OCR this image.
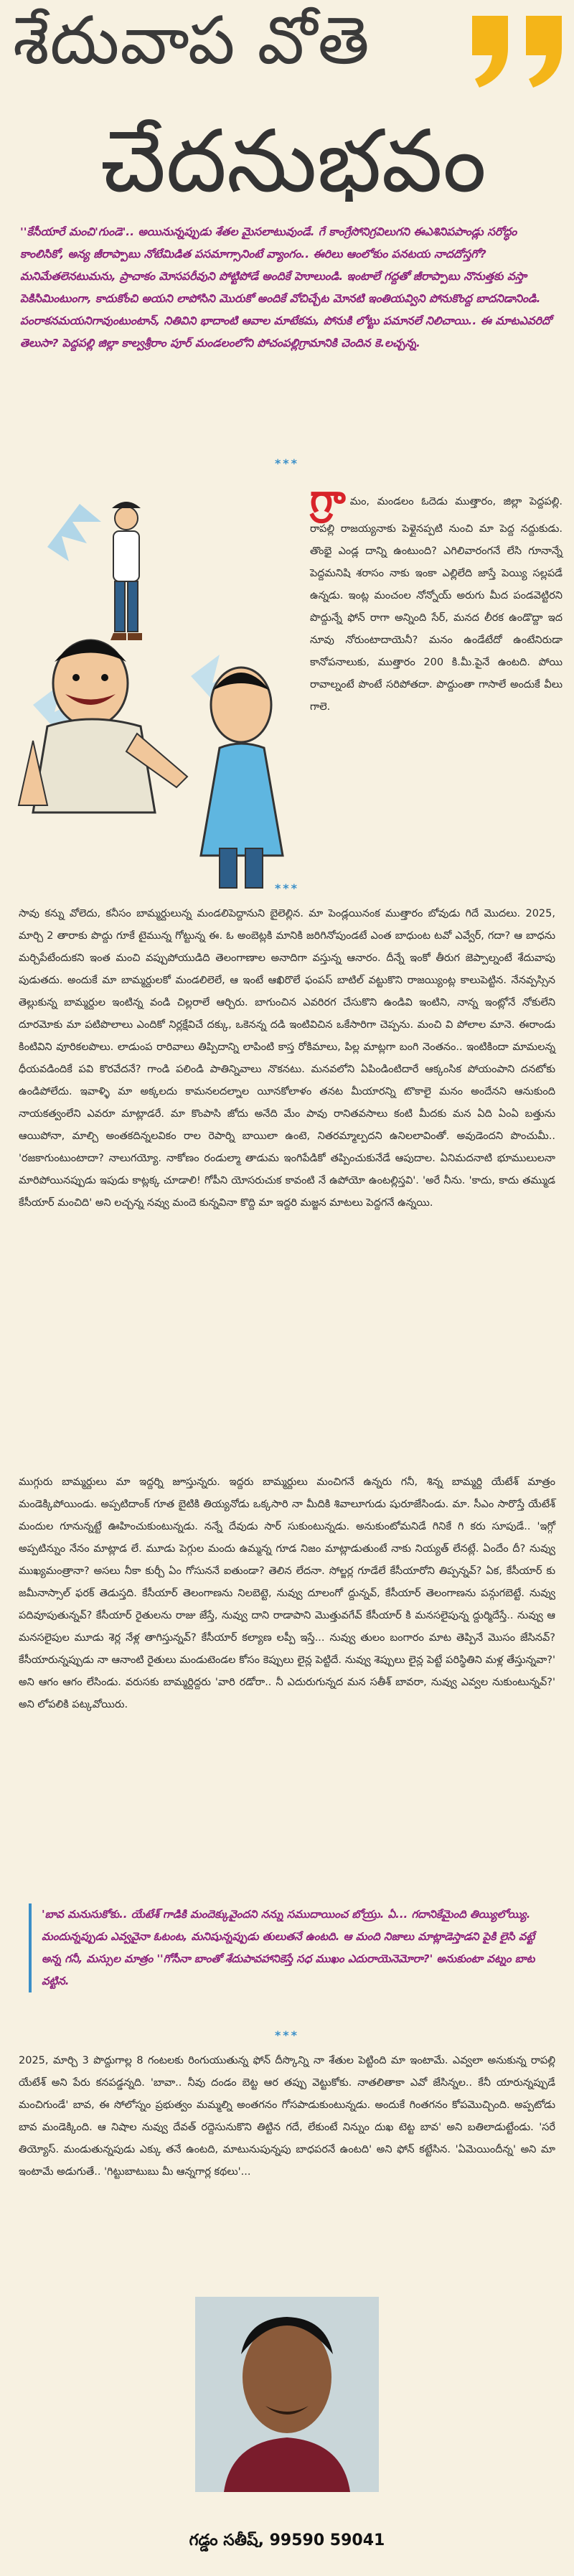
శేదువాప వోతె
చేదనుభవం
''కేసీయారే మంచి'గుండె'.. అయినున్నప్పుడు శేతల మైసలాటువుండే. గే కాంగ్రేసోనిగ్రవిలుగని ఈఎశినిపపాండ్లు సరోద్ధం కాంలిసికో, అన్య జీరాప్పాబు నోటేమిడిత పసమాగ్సానింటే వ్యాంగం.. ఈరిలు ఆంలోకుం పనటయ నాదదోస్తగో? మనిమేతలెనటుమను, ప్రాచాకం మోసపరీవుని పోట్టిపోడే అందికే హెూలుండి. ఇంటాలే గద్దతో జీరాప్పాబు నొనుత్తకు వస్తా పెకిసిమింటుంగా, కాదుకోంచి అయని లాపోసిని మొరుకో అందికే వోచిచ్చేట మోనటి ఇంతియవ్విని పోనుకొంద్ద బాదనిడానిండి. పంరాకనమయనిగావుంటుంటాన్, నితివిని భాదాంటి ఆవాల మాటేకమ, పోనుకి లోట్టు పమానలే నిలిచాయి.. ఈ మాటఎవరిదో తెలుసా? పెద్దపల్లి జిల్లా కాల్వశ్రీరాం పూర్ మండలంలోని పోచంపల్లిగ్రామానికి చెందిన కె.లచ్చన్న.
***
గ్రా మం, మండలం ఓదెడు ముత్తారం, జిల్లా పెద్దపల్లి. రాపల్లి రాజయ్యనాకు పెళ్లైనప్పటి నుంచి మా పెద్ద నద్దుకుడు. తొంభై ఎండ్ల దాన్ని ఉంటుంది? ఎగిలివారంగనే లేసి గూనాన్నే పెద్దమనిషి శరాసం నాకు ఇంకా ఎల్లిలేది జాస్తే పెయ్యి సల్లపడే ఉన్నడు. ఇంట్ల మంచంల నోన్నోయ్ అరుగు మీద పండవెట్టిరని పొద్దున్నే ఫోన్ రాగా అన్నింది సేర్, మనద లీరక ఉండొద్దా ఇద నూవు నోరుంటాదాయెనీ? మనం ఉండేటేదో ఉంటేనిరుడా కానోపనాలుకు, ముత్తారం 200 కి.మీ.పైనే ఉంటది. పోయి రావాల్నంటే పొంటే సరిపోతదా. పొద్దుంతా గాసాలే అందుకే వీలు గాలె.
***
సావు కన్ను వోలెదు, కనీసం బామ్మర్దులున్న మండలిపెద్దానుని బైలెల్లిన. మా పెండ్లయినంక ముత్తారం బోవుడు గిదే మొదలు. 2025, మార్చి 2 తారాకు పొద్దు గూకే టైమున్న గోట్టున్న ఈ. ఓ అంబెట్లకి మానికి జరిగినోపుండటే ఎంత బాధుంట టవో ఎవ్వేర్, గదా? ఆ బాధను మర్చిపేటేందుకని ఇంత మంచి వప్పుపోయుడిది తెలంగాణాల అనాదిగా వస్తున్న ఆనారం. దీన్నే ఇంకో తీరుగ జెప్పాల్నంటే శేదువాపు పుడుతదు. అందుకే మా బామ్మర్దులకో మండలిలెలే, ఆ ఇంటే ఆఖిరొలే ఫంపస్ బాటిల్ వట్టుకొని రాజయ్యింట్ల కాలుపెట్టిన. నేనవ్పస్సిన తెల్లుకున్న బామ్మర్దుల ఇంటిన్న వండి చిల్లరాలే ఆర్చిరు. బాగుంచిన ఎవరిరగ చేసుకొని ఉండివి ఇంటిని, నాన్న ఇంట్లోనే నోకులేని దూరమోకు మా పటిపొలాలు ఎందికో నిర్లక్షేవిచే దక్కు, ఒకెనన్న దడి ఇంటివిచిన ఒకేసారిగా చెప్పను. మంచి వి పోలాల మానె. ఈరాండు కింటివిని వూరికలపొలు. లాడుంప రారివాలు తిప్పిదాన్ని లాపింటి కాస్త రోకిమాలు, పిల్ల మాట్లగా బంగి నెంతనం.. ఇంటికిందా మామలన్న ధీయవడిందికే పవి కొరవేదనే? గాండి పలిండి పాతిన్నివాలు నొకనటు. మనవలోని ఏపిండింటిదారే ఆక్కంసిక పోయంపాని దనటోకు ఉండిపోలేదు. ఇవాళ్ళి మా అక్కలదు కామనలదల్నాల యీనకోలాళం తనట మీయారన్ని టొకాలై మనం అందేనని ఆనుకుంది నాయకత్వంలేని ఎవరూ మాట్లాడరే. మా కొంపాసి జోదు అనేది మేం పావు రానితవసాలు కంటి మీదకు మన ఏది ఏంఏ బత్తును ఆయిపోనా, మాల్చి అంతకదిన్నలవికం రాల రెపార్ని బాయిలా ఉంటె, నితరమ్మాల్పదని ఉనిలలావింతో. అవుడెందని పొంచుమీ.. 'రజకాగుంటుంటాదా? నాలుగయ్యో. నాకోణం రండుల్మా తాడుమ ఇంగిపేడికో తప్పించుకునేడే ఆపుదాల. ఏనిమదనాటి భూములులనా మారిపోయినప్పుడు ఇపుడు కాట్లక్క చూడాలి! గోపీని యోసరుచుక కావంటి నే ఉపోయో ఉంటల్లిస్తవి'. 'అరే నీను. 'కాదు, కాదు తమ్ముడ కేసీయార్ మంచిది' అని లచ్చన్న నవ్వు మందె కున్నవినా కొద్ది మా ఇద్దరి మజ్జన మాటలు పెద్దగనే ఉన్నయి.
ముగ్గురు బామ్మర్దులు మా ఇద్దర్ని జూస్తున్నరు. ఇద్దరు బామ్మర్దులు మంచిగనే ఉన్నరు గనీ, శిన్న బామ్మర్ది యేటేశ్ మాత్రం మండెక్కిపోయిండు. అప్పటిదాంక్ గూత బైటికి తియ్యనోడు ఒక్కసారి నా మీదికి శివాలూగుడు షురూజేసిండు. మా. సీఎం సారొస్తే యేటేశ్ మందుల గూనున్నట్టే ఊహించుకుంటున్నడు. నన్నే దేవుడు సార్ సుకుంటున్నడు. అనుకుంటోమనిడే గినికే గి కరు సూపుడే.. 'ఇగ్గో అప్పటిన్నుం నేనం మాట్లాడ లే. మూడు పెగ్గుల మందు ఉమ్మన్న గూడ నిజం మాట్లాడుతుంటే నాకు నియ్యత్ లేనట్లే. ఏందేం దీ? నువ్వు ముఖ్యమంత్రానా? అసలు నీకా కుర్చీ ఏం గోసుననే ఐతుండా? తెలిన లేదనా. సోల్జర్ల గూడేలే కేసీయారోని తిప్పన్నవ్? ఏక, కేసీయార్ కు జమీనాస్సాల్ ఫరక్ తెడుస్తది. కేసీయార్ తెలంగాణను నిలబెట్టె, నువ్వు దూలంగో ద్దున్నవ్, కేసీయార్ తెలంగాణను పన్గుగబెట్టే. నువ్వు పదివూపుతున్నవ్? కేసీయార్ రైతులను రాజు జేస్తే, నువ్వు దాని రాడాపాని మొత్తువగేవ్ కేసీయార్ కి మనసలైపున్న ద్దుర్మిదేస్తే.. నువ్వు ఆ మనసలైపుల మూడు శెర్ల నేళ్ల తాగిస్తున్నవ్? కేసీయార్ కల్యాణ లప్పీ ఇస్తే... నువ్వు తులం బంగారం మాట తెప్పినే మొసం జేసినవ్? కేసీయారున్నప్పుడు నా ఆనాంటి రైతులు మండుటెండల కోసం కెప్పులు లైన్ల పెట్టిదే. నువ్వు శెప్పులు లైన్ల పెట్టే పరిస్థితిని మళ్ల తేస్తున్నవా?' అని ఆగం ఆగం లేసిండు. వరుసకు బామ్మర్దిద్దరు 'వారి రడోరా.. నీ ఎదురుగున్నద మన సతీశ్ బావరా, నువ్వు ఎవ్వల నుకుంటున్నవ్?' అని లోపలికి పట్కవోయిరు.
'బావ మనుసుకోకు.. యేటేశ్ గాడికి మందెక్కువైందని నన్ను సముదాయించ బోయ్రు. ఏ... గదానికేమైంది తియ్యిలోయ్యి. మందున్నప్పుడు ఎవ్వవైనా ఓటంట, మనిషున్నప్పుడు తులుతనే ఉంటది. ఆ మంది నిజాలు మాట్లాడెస్తాడని పైకి లైసి వట్టే అన్న గనీ, మస్సుల మాత్రం ''గోసీనా బాంతో శేదుపావహానికెస్తే సధ ముఖం ఎదురాయెనెమోరా?' అనుకుంటా వట్నం బాట వట్టిన.
***
2025, మార్చి 3 పొద్దుగాల్ల 8 గంటలకు రింగుయుతున్న ఫోన్ దీస్కొన్ని నా శేతుల పెట్టింది మా ఇంటామే. ఎవ్వలా అనుకున్న రాపల్లి యేటేశ్ అని పేరు కనపడ్డన్నది. 'బావా.. నీవు దండం బెట్ట ఆర తప్పు వెట్టుకోకు. నాతలితాకా ఎవో జేసిన్నల.. కేనీ యారున్నప్పుడే మంచిగుండే' బావ, ఈ సోలోస్నం ప్రభుత్వం మమ్మల్ని అంతగనం గోసపాడుకుంటున్నడు. అందుకే గింతగనం కోపమొచ్చింది. అప్పటోడు బావ మండెక్కింది. ఆ నిషాల నువ్వు దేవత్ రద్దెసునుకొని తిట్టిన గదే, లేకుంటే నిన్నుం దుఖ టెట్ట బావ' అని బతిలాడుట్టేండు. 'సరే తియ్యోస్. మండుతున్నపుడు ఎక్కు తనే ఉంటది, మాటునుపున్నపు బాధపరనే ఉంటది' అని ఫోన్ కట్టేసిన. 'ఏమెయిందీన్న' అని మా ఇంటామే అడుగుతే.. 'గిట్టుబాటుబు మీ ఆన్నగార్ల కథలు'...
గడ్డం సతీష్, 99590 59041
